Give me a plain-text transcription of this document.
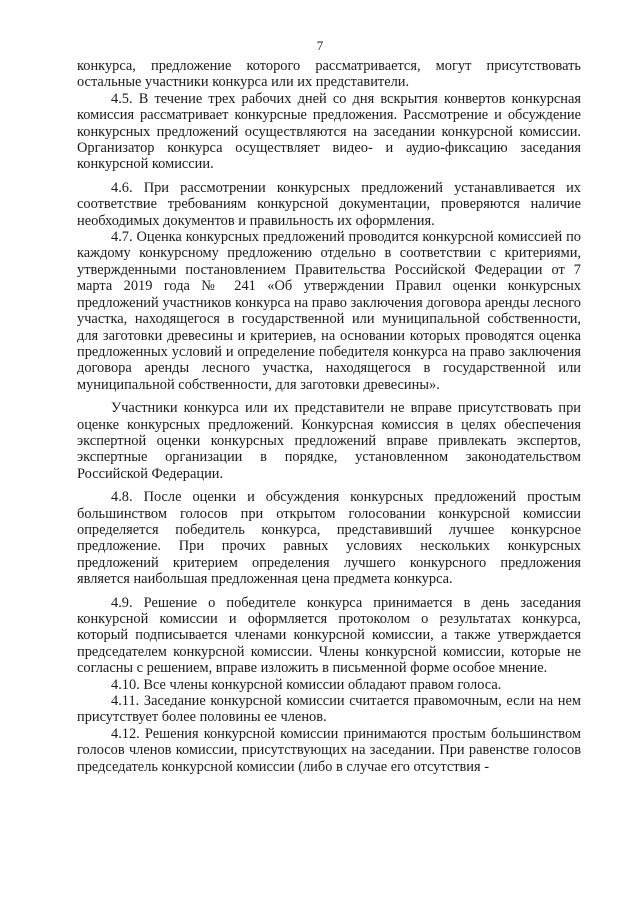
7

конкурса, предложение которого рассматривается, могут присутствовать остальные участники конкурса или их представители.

4.5. В течение трех рабочих дней со дня вскрытия конвертов конкурсная комиссия рассматривает конкурсные предложения. Рассмотрение и обсуждение конкурсных предложений осуществляются на заседании конкурсной комиссии. Организатор конкурса осуществляет видео- и аудио-фиксацию заседания конкурсной комиссии.

4.6. При рассмотрении конкурсных предложений устанавливается их соответствие требованиям конкурсной документации, проверяются наличие необходимых документов и правильность их оформления.

4.7. Оценка конкурсных предложений проводится конкурсной комиссией по каждому конкурсному предложению отдельно в соответствии с критериями, утвержденными постановлением Правительства Российской Федерации от 7 марта 2019 года № 241 «Об утверждении Правил оценки конкурсных предложений участников конкурса на право заключения договора аренды лесного участка, находящегося в государственной или муниципальной собственности, для заготовки древесины и критериев, на основании которых проводятся оценка предложенных условий и определение победителя конкурса на право заключения договора аренды лесного участка, находящегося в государственной или муниципальной собственности, для заготовки древесины».

Участники конкурса или их представители не вправе присутствовать при оценке конкурсных предложений. Конкурсная комиссия в целях обеспечения экспертной оценки конкурсных предложений вправе привлекать экспертов, экспертные организации в порядке, установленном законодательством Российской Федерации.

4.8. После оценки и обсуждения конкурсных предложений простым большинством голосов при открытом голосовании конкурсной комиссии определяется победитель конкурса, представивший лучшее конкурсное предложение. При прочих равных условиях нескольких конкурсных предложений критерием определения лучшего конкурсного предложения является наибольшая предложенная цена предмета конкурса.

4.9. Решение о победителе конкурса принимается в день заседания конкурсной комиссии и оформляется протоколом о результатах конкурса, который подписывается членами конкурсной комиссии, а также утверждается председателем конкурсной комиссии. Члены конкурсной комиссии, которые не согласны с решением, вправе изложить в письменной форме особое мнение.

4.10. Все члены конкурсной комиссии обладают правом голоса.

4.11. Заседание конкурсной комиссии считается правомочным, если на нем присутствует более половины ее членов.

4.12. Решения конкурсной комиссии принимаются простым большинством голосов членов комиссии, присутствующих на заседании. При равенстве голосов председатель конкурсной комиссии (либо в случае его отсутствия -
